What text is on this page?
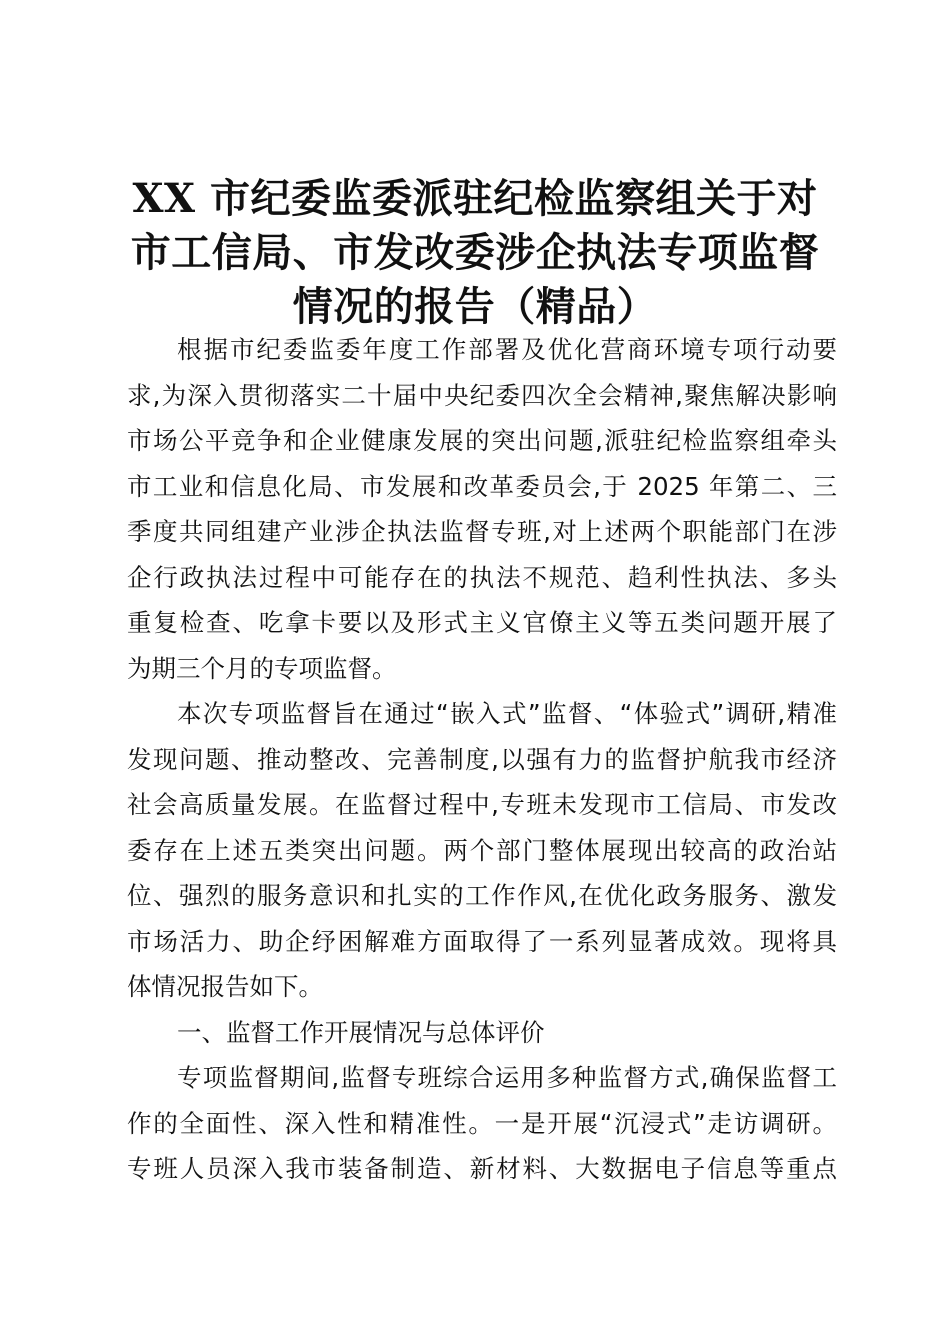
XX 市纪委监委派驻纪检监察组关于对
市工信局、市发改委涉企执法专项监督
情况的报告（精品）
根据市纪委监委年度工作部署及优化营商环境专项行动要
求,为深入贯彻落实二十届中央纪委四次全会精神,聚焦解决影响
市场公平竞争和企业健康发展的突出问题,派驻纪检监察组牵头
市工业和信息化局、市发展和改革委员会,于 2025 年第二、三
季度共同组建产业涉企执法监督专班,对上述两个职能部门在涉
企行政执法过程中可能存在的执法不规范、趋利性执法、多头
重复检查、吃拿卡要以及形式主义官僚主义等五类问题开展了
为期三个月的专项监督。
本次专项监督旨在通过“嵌入式”监督、“体验式”调研,精准
发现问题、推动整改、完善制度,以强有力的监督护航我市经济
社会高质量发展。在监督过程中,专班未发现市工信局、市发改
委存在上述五类突出问题。两个部门整体展现出较高的政治站
位、强烈的服务意识和扎实的工作作风,在优化政务服务、激发
市场活力、助企纾困解难方面取得了一系列显著成效。现将具
体情况报告如下。
一、监督工作开展情况与总体评价
专项监督期间,监督专班综合运用多种监督方式,确保监督工
作的全面性、深入性和精准性。一是开展“沉浸式”走访调研。
专班人员深入我市装备制造、新材料、大数据电子信息等重点
